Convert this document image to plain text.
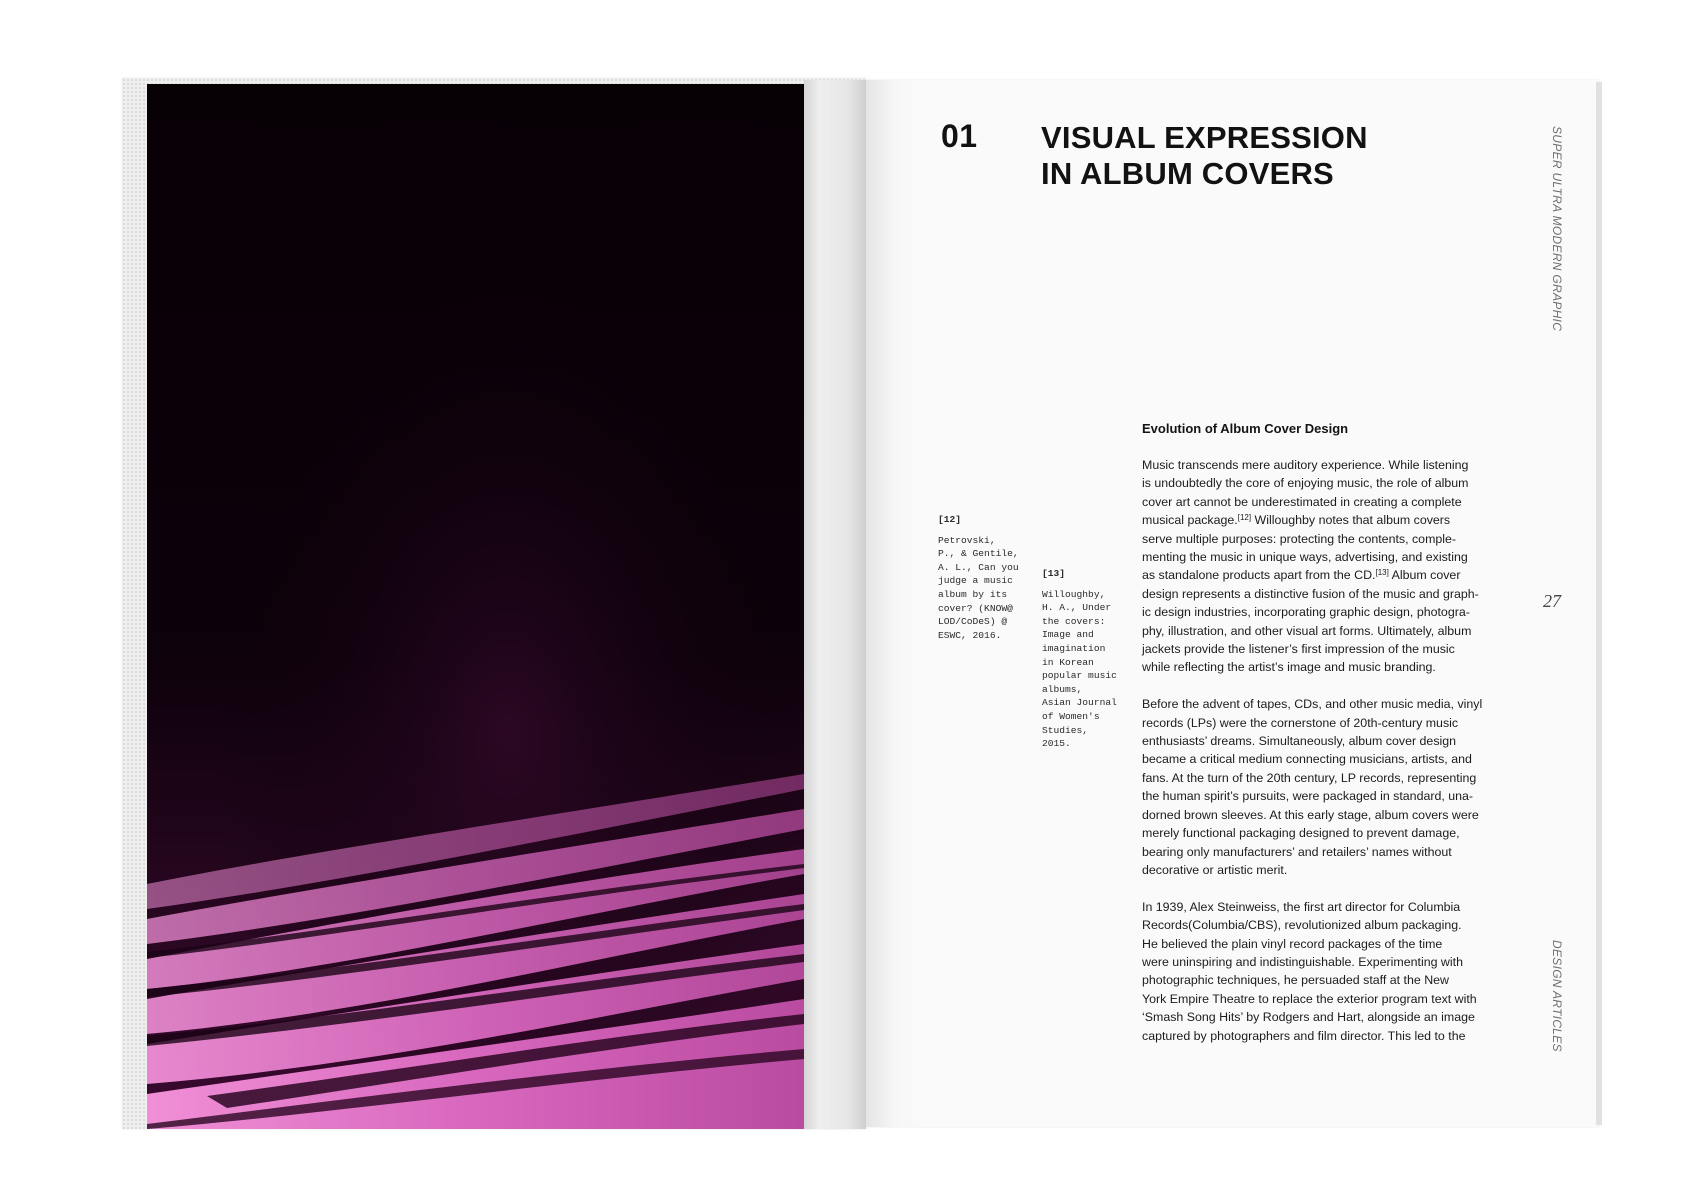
01 VISUAL EXPRESSION
IN ALBUM COVERS	SUPER ULTRA MODERN GRAPHIC
DESIGN ARTICLES
27
Evolution of Album Cover Design

Music transcends mere auditory experience. While listening
is undoubtedly the core of enjoying music, the role of album
cover art cannot be underestimated in creating a complete
musical package.[12] Willoughby notes that album covers
serve multiple purposes: protecting the contents, comple-
menting the music in unique ways, advertising, and existing
as standalone products apart from the CD.[13] Album cover
design represents a distinctive fusion of the music and graph-
ic design industries, incorporating graphic design, photogra-
phy, illustration, and other visual art forms. Ultimately, album
jackets provide the listener’s first impression of the music
while reflecting the artist’s image and music branding.

Before the advent of tapes, CDs, and other music media, vinyl
records (LPs) were the cornerstone of 20th-century music
enthusiasts’ dreams. Simultaneously, album cover design
became a critical medium connecting musicians, artists, and
fans. At the turn of the 20th century, LP records, representing
the human spirit’s pursuits, were packaged in standard, una-
dorned brown sleeves. At this early stage, album covers were
merely functional packaging designed to prevent damage,
bearing only manufacturers’ and retailers’ names without
decorative or artistic merit.

In 1939, Alex Steinweiss, the first art director for Columbia
Records(Columbia/CBS), revolutionized album packaging.
He believed the plain vinyl record packages of the time
were uninspiring and indistinguishable. Experimenting with
photographic techniques, he persuaded staff at the New
York Empire Theatre to replace the exterior program text with
‘Smash Song Hits’ by Rodgers and Hart, alongside an image
captured by photographers and film director. This led to the

[12]
Petrovski,
P., & Gentile,
A. L., Can you
judge a music
album by its
cover? (KNOW@
LOD/CoDeS) @
ESWC, 2016.
[13]
Willoughby,
H. A., Under
the covers:
Image and
imagination
in Korean
popular music
albums,
Asian Journal
of Women's
Studies,
2015.
